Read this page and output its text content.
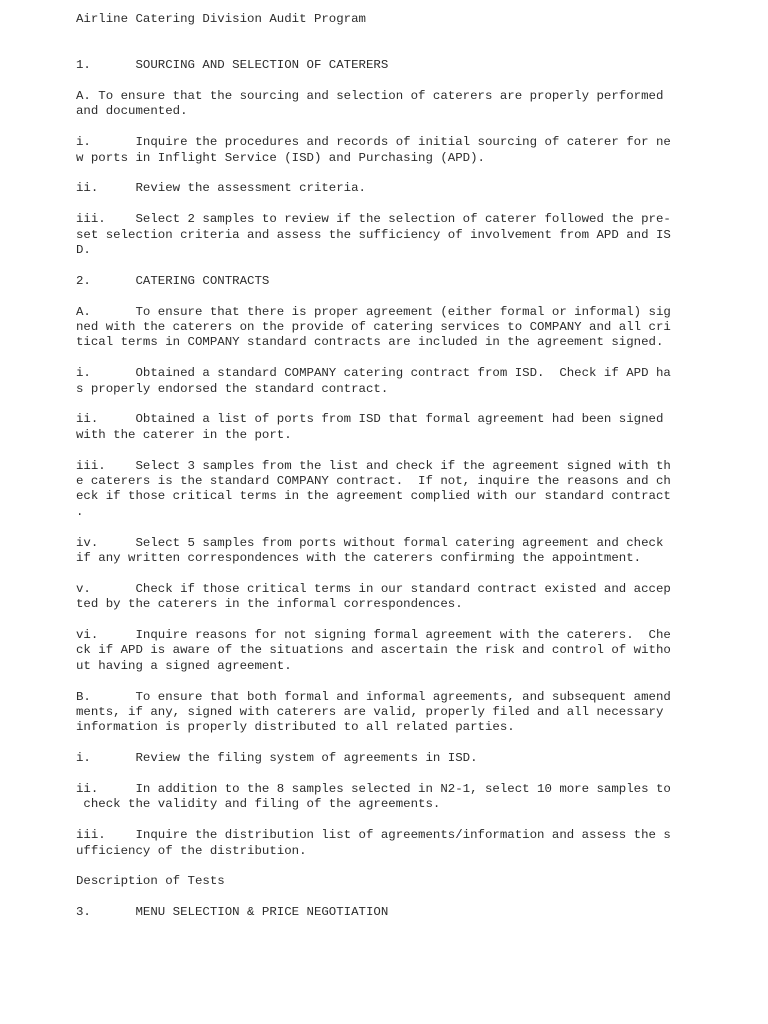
Airline Catering Division Audit Program
1.      SOURCING AND SELECTION OF CATERERS
A. To ensure that the sourcing and selection of caterers are properly performed
and documented.
i.      Inquire the procedures and records of initial sourcing of caterer for ne
w ports in Inflight Service (ISD) and Purchasing (APD).
ii.     Review the assessment criteria.
iii.    Select 2 samples to review if the selection of caterer followed the pre-
set selection criteria and assess the sufficiency of involvement from APD and IS
D.
2.      CATERING CONTRACTS
A.      To ensure that there is proper agreement (either formal or informal) sig
ned with the caterers on the provide of catering services to COMPANY and all cri
tical terms in COMPANY standard contracts are included in the agreement signed.
i.      Obtained a standard COMPANY catering contract from ISD.  Check if APD ha
s properly endorsed the standard contract.
ii.     Obtained a list of ports from ISD that formal agreement had been signed
with the caterer in the port.
iii.    Select 3 samples from the list and check if the agreement signed with th
e caterers is the standard COMPANY contract.  If not, inquire the reasons and ch
eck if those critical terms in the agreement complied with our standard contract
.
iv.     Select 5 samples from ports without formal catering agreement and check
if any written correspondences with the caterers confirming the appointment.
v.      Check if those critical terms in our standard contract existed and accep
ted by the caterers in the informal correspondences.
vi.     Inquire reasons for not signing formal agreement with the caterers.  Che
ck if APD is aware of the situations and ascertain the risk and control of witho
ut having a signed agreement.
B.      To ensure that both formal and informal agreements, and subsequent amend
ments, if any, signed with caterers are valid, properly filed and all necessary
information is properly distributed to all related parties.
i.      Review the filing system of agreements in ISD.
ii.     In addition to the 8 samples selected in N2-1, select 10 more samples to
check the validity and filing of the agreements.
iii.    Inquire the distribution list of agreements/information and assess the s
ufficiency of the distribution.
Description of Tests
3.      MENU SELECTION & PRICE NEGOTIATION
